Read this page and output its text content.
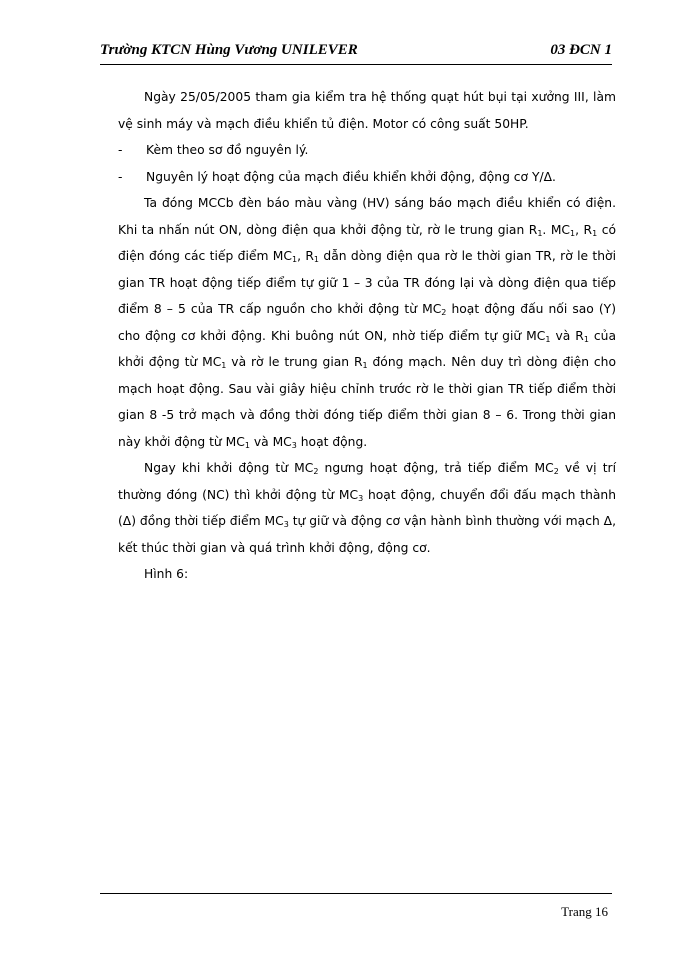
Trường KTCN Hùng Vương UNILEVER	03 ĐCN 1

Ngày 25/05/2005 tham gia kiểm tra hệ thống quạt hút bụi tại xưởng III, làm vệ sinh máy và mạch điều khiển tủ điện. Motor có công suất 50HP.

- Kèm theo sơ đồ nguyên lý.

- Nguyên lý hoạt động của mạch điều khiển khởi động, động cơ Y/Δ.

Ta đóng MCCb đèn báo màu vàng (HV) sáng báo mạch điều khiển có điện. Khi ta nhấn nút ON, dòng điện qua khởi động từ, rờ le trung gian $R_1$. $MC_1$, $R_1$ có điện đóng các tiếp điểm $MC_1$, $R_1$ dẫn dòng điện qua rờ le thời gian TR, rờ le thời gian TR hoạt động tiếp điểm tự giữ 1 – 3 của TR đóng lại và dòng điện qua tiếp điểm 8 – 5 của TR cấp nguồn cho khởi động từ $MC_2$ hoạt động đấu nối sao (Y) cho động cơ khởi động. Khi buông nút ON, nhờ tiếp điểm tự giữ $MC_1$ và $R_1$ của khởi động từ $MC_1$ và rờ le trung gian $R_1$ đóng mạch. Nên duy trì dòng điện cho mạch hoạt động. Sau vài giây hiệu chỉnh trước rờ le thời gian TR tiếp điểm thời gian 8 -5 trở mạch và đồng thời đóng tiếp điểm thời gian 8 – 6. Trong thời gian này khởi động từ $MC_1$ và $MC_3$ hoạt động.

Ngay khi khởi động từ $MC_2$ ngưng hoạt động, trả tiếp điểm $MC_2$ về vị trí thường đóng (NC) thì khởi động từ $MC_3$ hoạt động, chuyển đổi đấu mạch thành (Δ) đồng thời tiếp điểm $MC_3$ tự giữ và động cơ vận hành bình thường với mạch Δ, kết thúc thời gian và quá trình khởi động, động cơ.

Hình 6:

Trang 16
